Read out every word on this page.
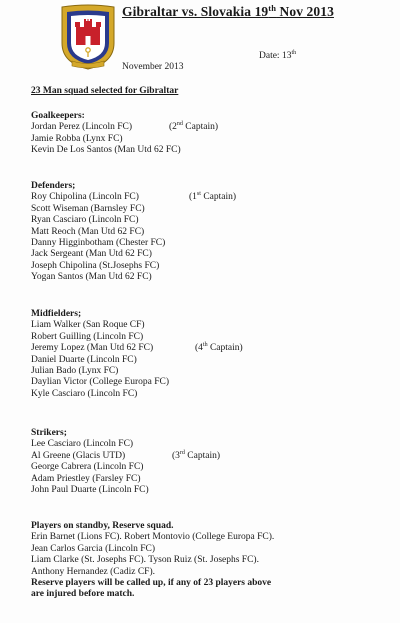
Gibraltar vs. Slovakia 19th Nov 2013
Date: 13th
November 2013
23 Man squad selected for Gibraltar
Goalkeepers:
Jordan Perez (Lincoln FC)	(2nd Captain)
Jamie Robba (Lynx FC)
Kevin De Los Santos (Man Utd 62 FC)
Defenders;
Roy Chipolina (Lincoln FC)	(1st Captain)
Scott Wiseman (Barnsley FC)
Ryan Casciaro (Lincoln FC)
Matt Reoch (Man Utd 62 FC)
Danny Higginbotham (Chester FC)
Jack Sergeant (Man Utd 62 FC)
Joseph Chipolina (St.Josephs FC)
Yogan Santos (Man Utd 62 FC)
Midfielders;
Liam Walker (San Roque CF)
Robert Guilling (Lincoln FC)
Jeremy Lopez (Man Utd 62 FC)	(4th Captain)
Daniel Duarte (Lincoln FC)
Julian Bado (Lynx FC)
Daylian Victor (College Europa FC)
Kyle Casciaro (Lincoln FC)
Strikers;
Lee Casciaro (Lincoln FC)
Al Greene (Glacis UTD)	(3rd Captain)
George Cabrera (Lincoln FC)
Adam Priestley (Farsley FC)
John Paul Duarte (Lincoln FC)
Players on standby, Reserve squad.
Erin Barnet (Lions FC). Robert Montovio (College Europa FC).
Jean Carlos Garcia (Lincoln FC)
Liam Clarke (St. Josephs FC). Tyson Ruiz (St. Josephs FC).
Anthony Hernandez (Cadiz CF).
Reserve players will be called up, if any of 23 players above
are injured before match.
